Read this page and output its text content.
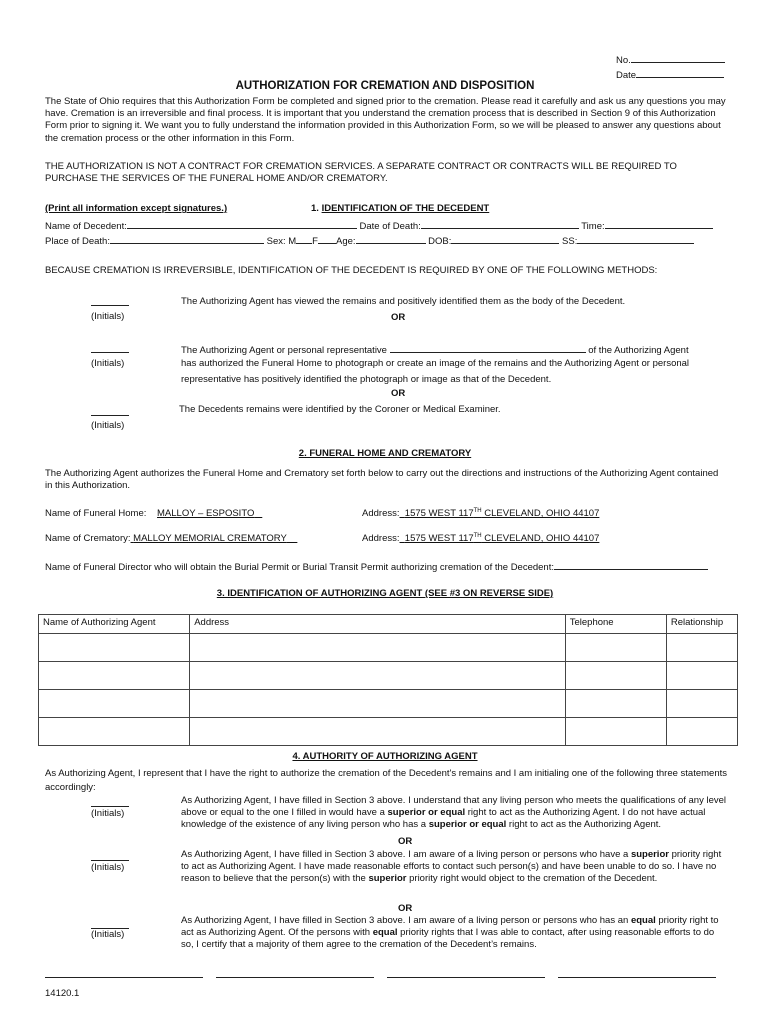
No.
Date
AUTHORIZATION FOR CREMATION AND DISPOSITION

The State of Ohio requires that this Authorization Form be completed and signed prior to the cremation. Please read it carefully and ask us any questions you may have. Cremation is an irreversible and final process. It is important that you understand the cremation process that is described in Section 9 of this Authorization Form prior to signing it. We want you to fully understand the information provided in this Authorization Form, so we will be pleased to answer any questions about the cremation process or the other information in this Form.

THE AUTHORIZATION IS NOT A CONTRACT FOR CREMATION SERVICES. A SEPARATE CONTRACT OR CONTRACTS WILL BE REQUIRED TO PURCHASE THE SERVICES OF THE FUNERAL HOME AND/OR CREMATORY.

(Print all information except signatures.)	1. IDENTIFICATION OF THE DECEDENT
Name of Decedent:	Date of Death:	Time:
Place of Death:	Sex: M F Age:	DOB:	SS:
BECAUSE CREMATION IS IRREVERSIBLE, IDENTIFICATION OF THE DECEDENT IS REQUIRED BY ONE OF THE FOLLOWING METHODS:
(Initials)
The Authorizing Agent has viewed the remains and positively identified them as the body of the Decedent.
OR
(Initials)
The Authorizing Agent or personal representative	of the Authorizing Agent
has authorized the Funeral Home to photograph or create an image of the remains and the Authorizing Agent or personal
representative has positively identified the photograph or image as that of the Decedent.
OR
(Initials)
The Decedents remains were identified by the Coroner or Medical Examiner.
2. FUNERAL HOME AND CREMATORY

The Authorizing Agent authorizes the Funeral Home and Crematory set forth below to carry out the directions and instructions of the Authorizing Agent contained in this Authorization.

Name of Funeral Home: MALLOY – ESPOSITO	Address: 1575 WEST 117TH CLEVELAND, OHIO 44107
Name of Crematory: MALLOY MEMORIAL CREMATORY	Address: 1575 WEST 117TH CLEVELAND, OHIO 44107
Name of Funeral Director who will obtain the Burial Permit or Burial Transit Permit authorizing cremation of the Decedent:
3. IDENTIFICATION OF AUTHORIZING AGENT (SEE #3 ON REVERSE SIDE)
Name of Authorizing Agent	Address	Telephone	Relationship

4. AUTHORITY OF AUTHORIZING AGENT

As Authorizing Agent, I represent that I have the right to authorize the cremation of the Decedent's remains and I am initialing one of the following three statements accordingly:

(Initials)

As Authorizing Agent, I have filled in Section 3 above. I understand that any living person who meets the qualifications of any level above or equal to the one I filled in would have a superior or equal right to act as the Authorizing Agent. I do not have actual knowledge of the existence of any living person who has a superior or equal right to act as the Authorizing Agent.

OR
(Initials)

As Authorizing Agent, I have filled in Section 3 above. I am aware of a living person or persons who have a superior priority right to act as Authorizing Agent. I have made reasonable efforts to contact such person(s) and have been unable to do so. I have no reason to believe that the person(s) with the superior priority right would object to the cremation of the Decedent.

OR
(Initials)

As Authorizing Agent, I have filled in Section 3 above. I am aware of a living person or persons who has an equal priority right to act as Authorizing Agent. Of the persons with equal priority rights that I was able to contact, after using reasonable efforts to do so, I certify that a majority of them agree to the cremation of the Decedent’s remains.

14120.1
